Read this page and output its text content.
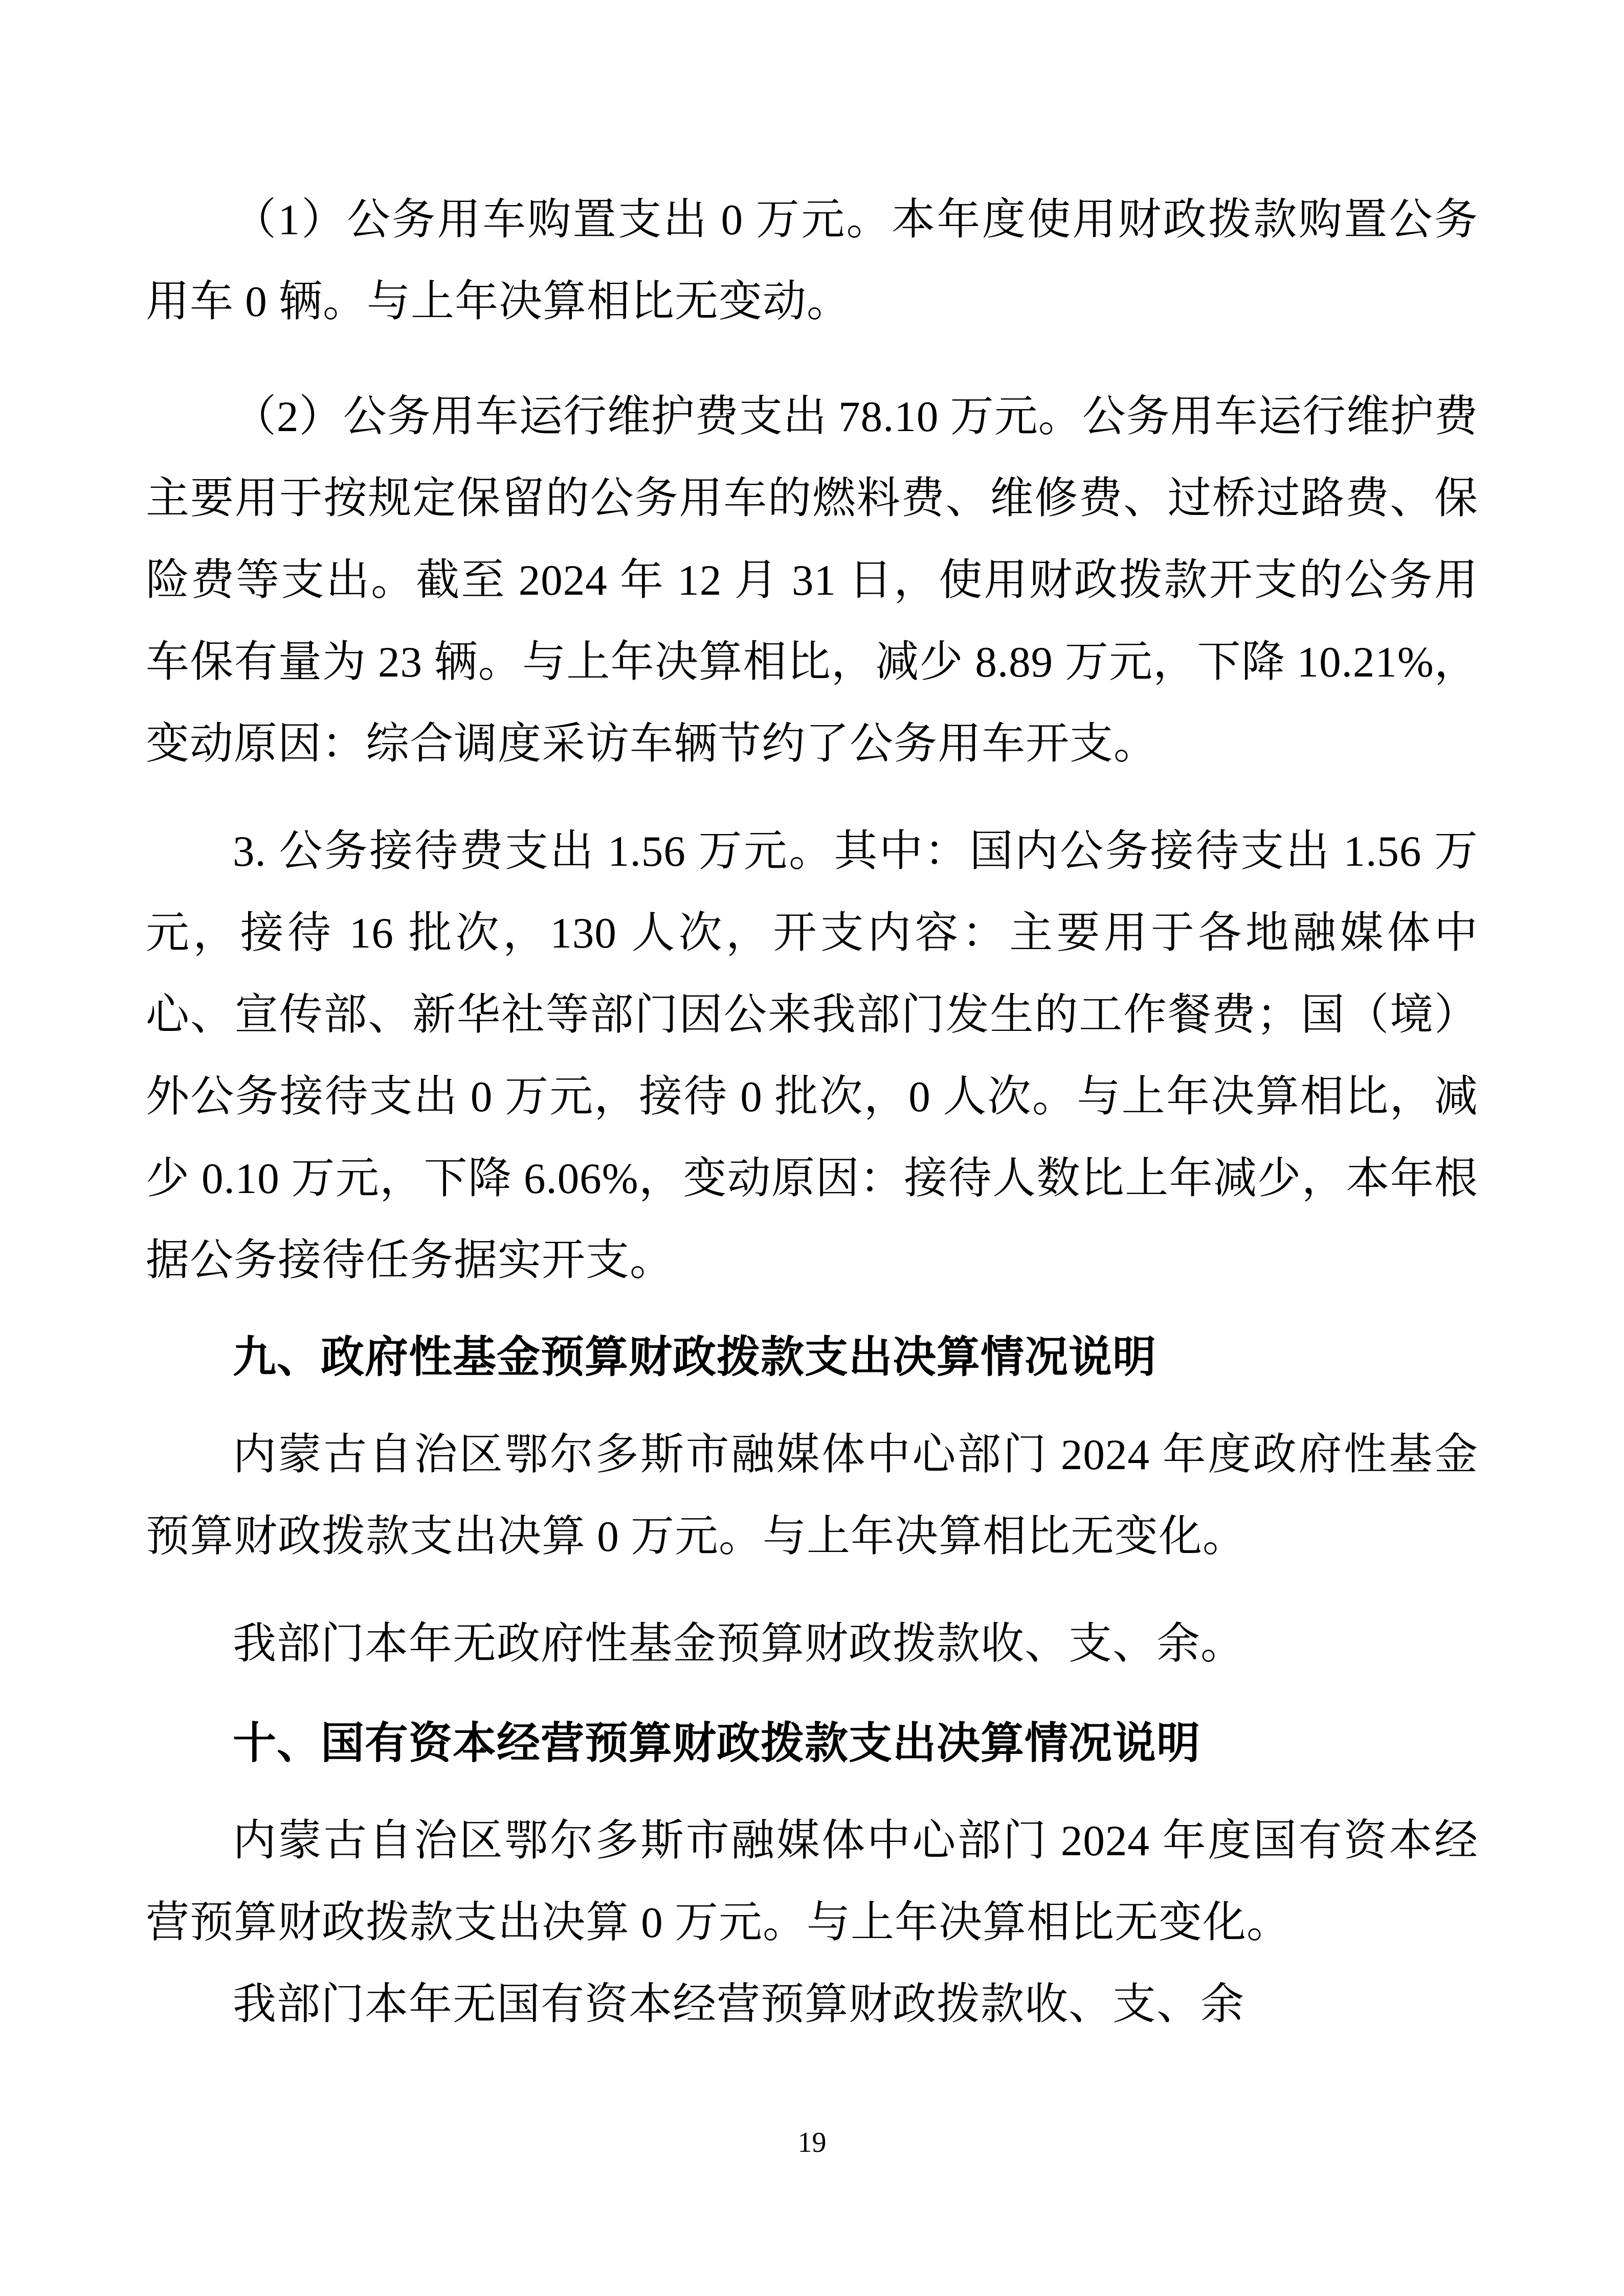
（1）公务用车购置支出 0 万元。本年度使用财政拨款购置公务用车 0 辆。与上年决算相比无变动。

（2）公务用车运行维护费支出 78.10 万元。公务用车运行维护费主要用于按规定保留的公务用车的燃料费、维修费、过桥过路费、保险费等支出。截至 2024 年 12 月 31 日，使用财政拨款开支的公务用车保有量为 23 辆。与上年决算相比，减少 8.89 万元，下降 10.21%，变动原因：综合调度采访车辆节约了公务用车开支。

3. 公务接待费支出 1.56 万元。其中：国内公务接待支出 1.56 万元，接待 16 批次，130 人次，开支内容：主要用于各地融媒体中心、宣传部、新华社等部门因公来我部门发生的工作餐费；国（境）外公务接待支出 0 万元，接待 0 批次，0 人次。与上年决算相比，减少 0.10 万元，下降 6.06%，变动原因：接待人数比上年减少，本年根据公务接待任务据实开支。

九、政府性基金预算财政拨款支出决算情况说明

内蒙古自治区鄂尔多斯市融媒体中心部门 2024 年度政府性基金预算财政拨款支出决算 0 万元。与上年决算相比无变化。

我部门本年无政府性基金预算财政拨款收、支、余。

十、国有资本经营预算财政拨款支出决算情况说明

内蒙古自治区鄂尔多斯市融媒体中心部门 2024 年度国有资本经营预算财政拨款支出决算 0 万元。与上年决算相比无变化。

我部门本年无国有资本经营预算财政拨款收、支、余

19
